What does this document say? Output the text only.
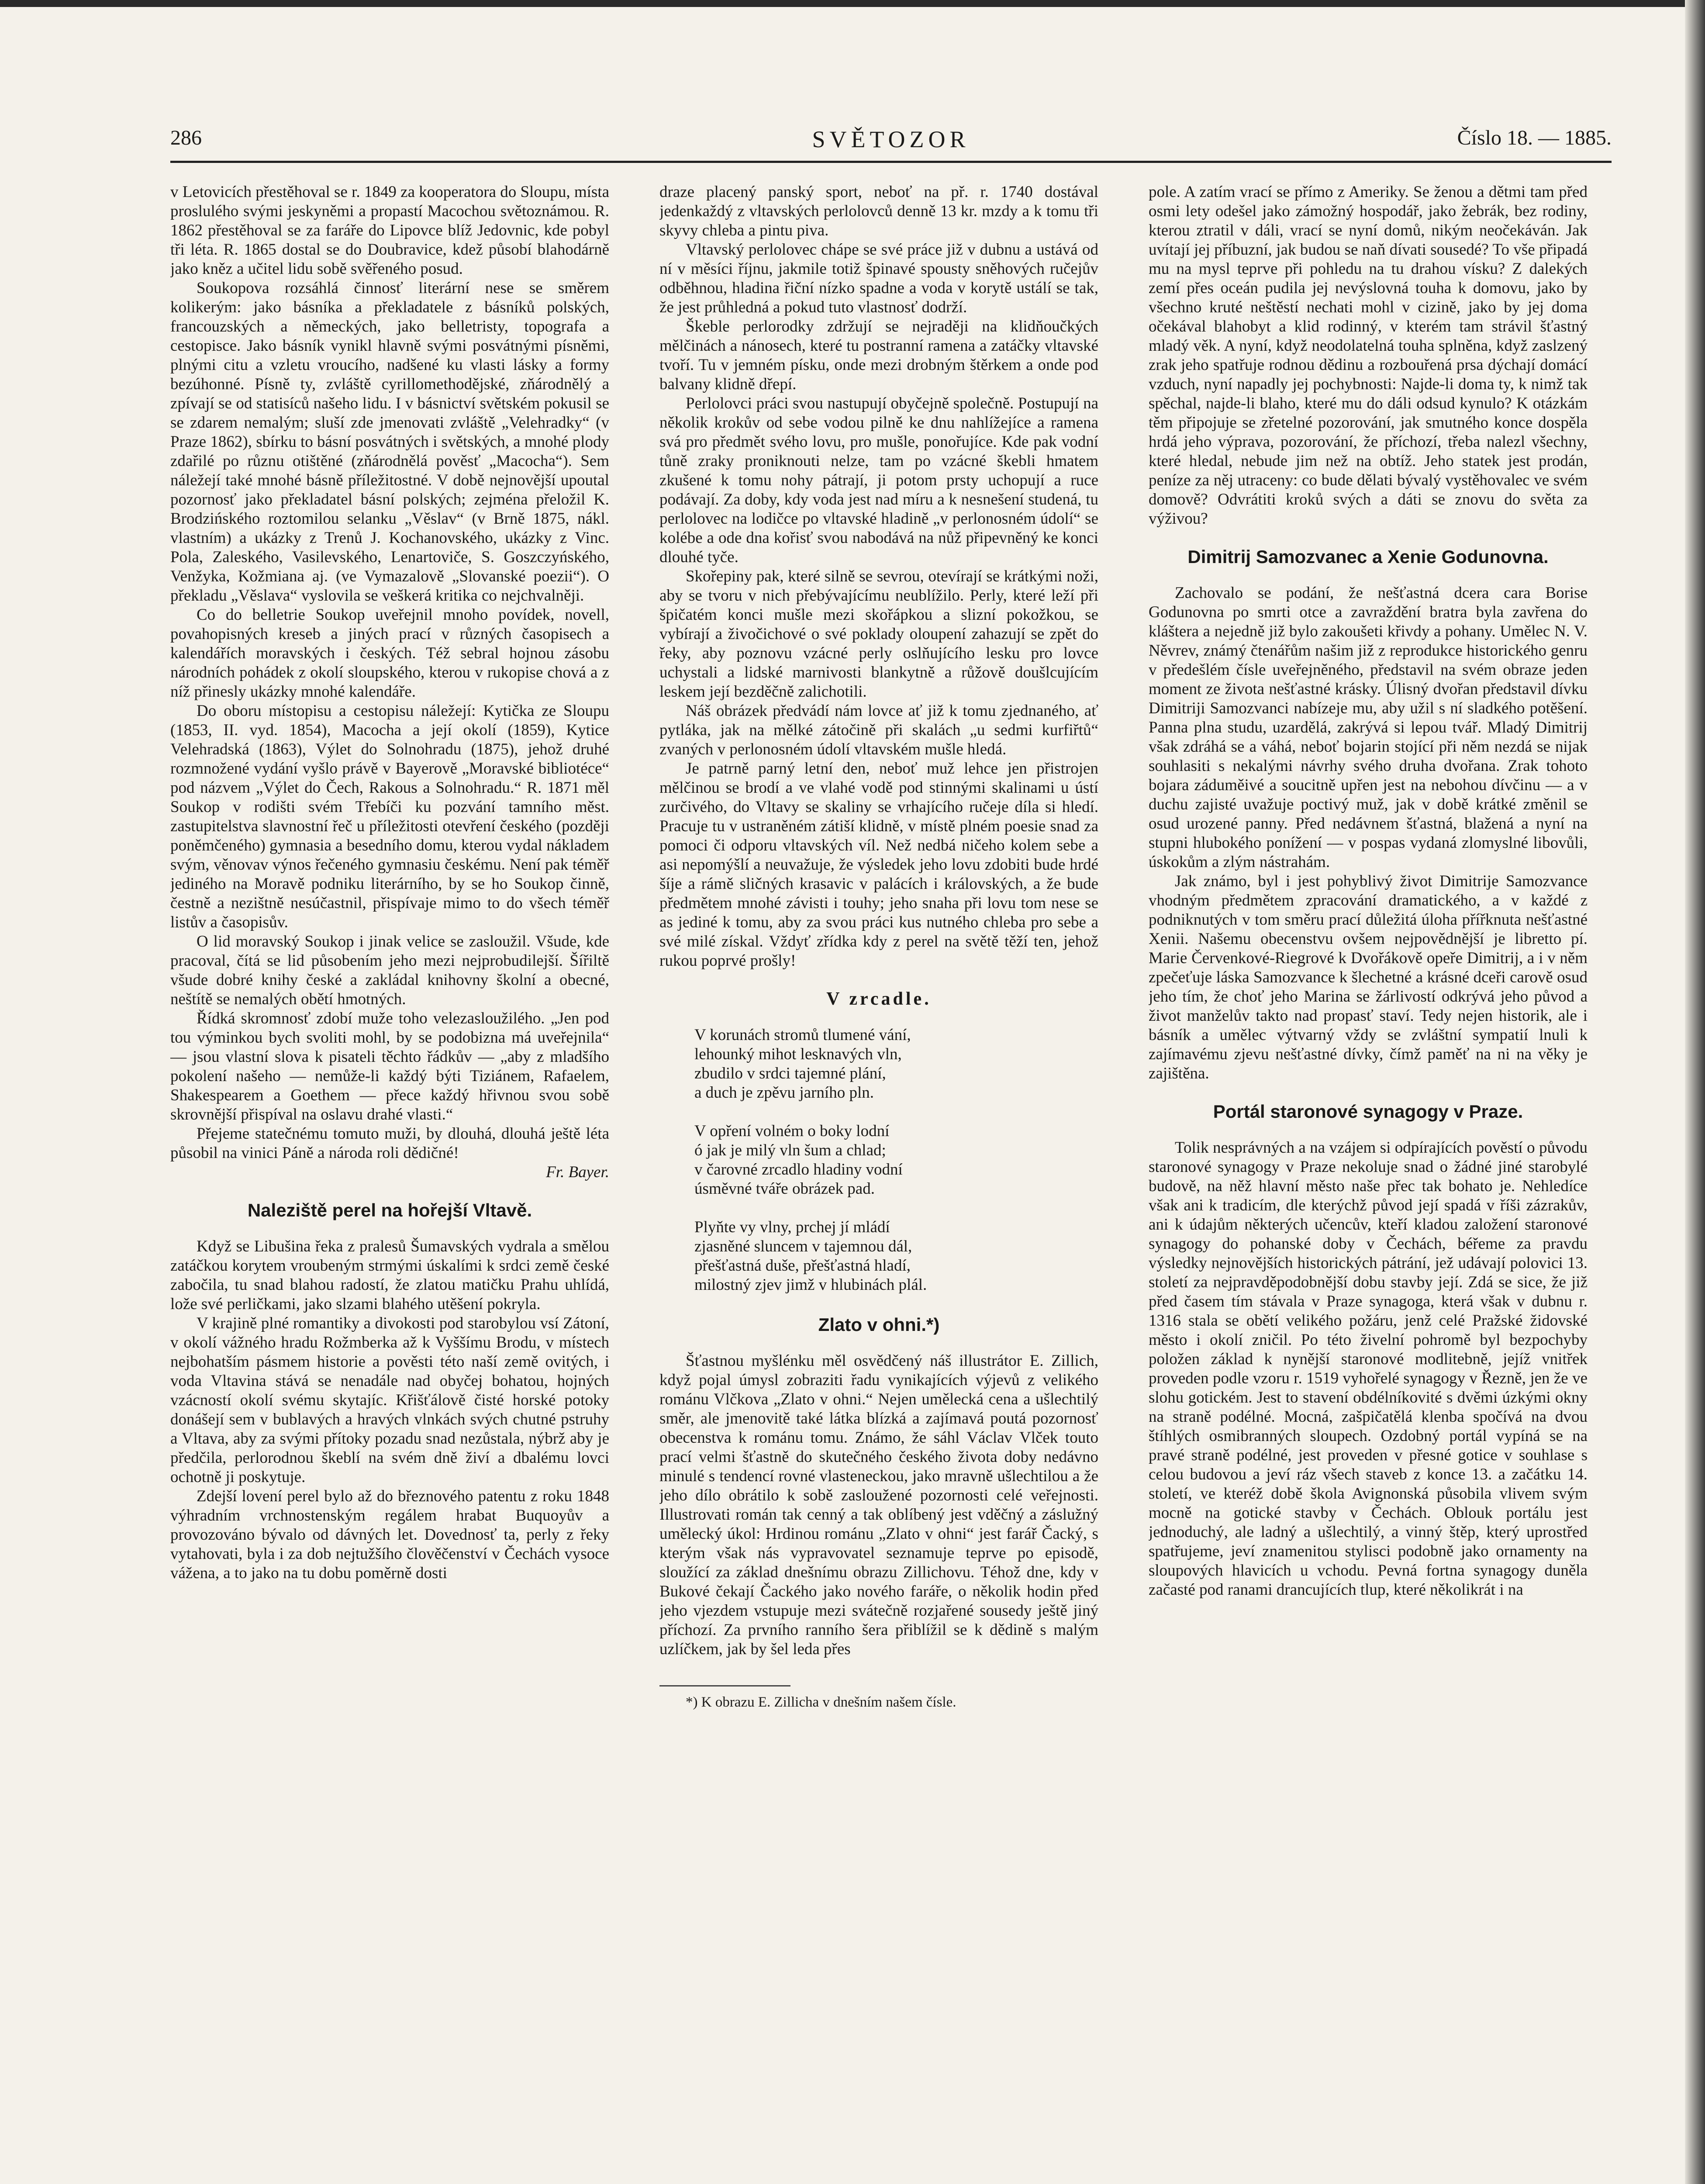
286	SVĚTOZOR	Číslo 18. — 1885.

v Letovicích přestěhoval se r. 1849 za kooperatora do Sloupu, místa proslulého svými jeskyněmi a propastí Macochou světoznámou. R. 1862 přestěhoval se za faráře do Lipovce blíž Jedovnic, kde pobyl tři léta. R. 1865 dostal se do Doubravice, kdež působí blahodárně jako kněz a učitel lidu sobě svěřeného posud.

Soukopova rozsáhlá činnosť literární nese se směrem kolikerým: jako básníka a překladatele z básníků polských, francouzských a německých, jako belletristy, topografa a cestopisce. Jako básník vynikl hlavně svými posvátnými písněmi, plnými citu a vzletu vroucího, nadšené ku vlasti lásky a formy bezúhonné. Písně ty, zvláště cyrillomethodějské, zňárodnělý a zpívají se od statisíců našeho lidu. I v básnictví světském pokusil se se zdarem nemalým; sluší zde jmenovati zvláště „Velehradky“ (v Praze 1862), sbírku to básní posvátných i světských, a mnohé plody zdařilé po různu otištěné (zňárodnělá pověsť „Macocha“). Sem náležejí také mnohé básně příležitostné. V době nejnovější upoutal pozornosť jako překladatel básní polských; zejména přeložil K. Brodzińského roztomilou selanku „Věslav“ (v Brně 1875, nákl. vlastním) a ukázky z Trenů J. Kochanovského, ukázky z Vinc. Pola, Zaleského, Vasilevského, Lenartoviče, S. Goszczyńského, Venžyka, Kožmiana aj. (ve Vymazalově „Slovanské poezii“). O překladu „Věslava“ vyslovila se veškerá kritika co nejchvalněji.

Co do belletrie Soukop uveřejnil mnoho povídek, novell, povahopisných kreseb a jiných prací v různých časopisech a kalendářích moravských i českých. Též sebral hojnou zásobu národních pohádek z okolí sloupského, kterou v rukopise chová a z níž přinesly ukázky mnohé kalendáře.

Do oboru místopisu a cestopisu náležejí: Kytička ze Sloupu (1853, II. vyd. 1854), Macocha a její okolí (1859), Kytice Velehradská (1863), Výlet do Solnohradu (1875), jehož druhé rozmnožené vydání vyšlo právě v Bayerově „Moravské bibliotéce“ pod názvem „Výlet do Čech, Rakous a Solnohradu.“ R. 1871 měl Soukop v rodišti svém Třebíči ku pozvání tamního měst. zastupitelstva slavnostní řeč u příležitosti otevření českého (později poněmčeného) gymnasia a besedního domu, kterou vydal nákladem svým, věnovav výnos řečeného gymnasiu českému. Není pak téměř jediného na Moravě podniku literárního, by se ho Soukop činně, čestně a nezištně nesúčastnil, přispívaje mimo to do všech téměř listův a časopisův.

O lid moravský Soukop i jinak velice se zasloužil. Všude, kde pracoval, čítá se lid působením jeho mezi nejprobudilejší. Šířiltě všude dobré knihy české a zakládal knihovny školní a obecné, neštítě se nemalých obětí hmotných.

Řídká skromnosť zdobí muže toho velezasloužilého. „Jen pod tou výminkou bych svoliti mohl, by se podobizna má uveřejnila“ — jsou vlastní slova k pisateli těchto řádkův — „aby z mladšího pokolení našeho — nemůže-li každý býti Tiziánem, Rafaelem, Shakespearem a Goethem — přece každý hřivnou svou sobě skrovnější přispíval na oslavu drahé vlasti.“

Přejeme statečnému tomuto muži, by dlouhá, dlouhá ještě léta působil na vinici Páně a národa roli dědičné!

Fr. Bayer.
Naleziště perel na hořejší Vltavě.

Když se Libušina řeka z pralesů Šumavských vydrala a smělou zatáčkou korytem vroubeným strmými úskalími k srdci země české zabočila, tu snad blahou radostí, že zlatou matičku Prahu uhlídá, lože své perličkami, jako slzami blahého utěšení pokryla.

V krajině plné romantiky a divokosti pod starobylou vsí Zátoní, v okolí vážného hradu Rožmberka až k Vyššímu Brodu, v místech nejbohatším pásmem historie a pověsti této naší země ovitých, i voda Vltavina stává se nenadále nad obyčej bohatou, hojných vzácností okolí svému skytajíc. Křišťálově čisté horské potoky donášejí sem v bublavých a hravých vlnkách svých chutné pstruhy a Vltava, aby za svými přítoky pozadu snad nezůstala, nýbrž aby je předčila, perlorodnou škeblí na svém dně živí a dbalému lovci ochotně ji poskytuje.

Zdejší lovení perel bylo až do březnového patentu z roku 1848 výhradním vrchnostenským regálem hrabat Buquoyův a provozováno bývalo od dávných let. Dovednosť ta, perly z řeky vytahovati, byla i za dob nejtužšího člověčenství v Čechách vysoce vážena, a to jako na tu dobu poměrně dosti

draze placený panský sport, neboť na př. r. 1740 dostával jedenkaždý z vltavských perlolovců denně 13 kr. mzdy a k tomu tři skyvy chleba a pintu piva.

Vltavský perlolovec chápe se své práce již v dubnu a ustává od ní v měsíci říjnu, jakmile totiž špinavé spousty sněhových ručejův odběhnou, hladina řiční nízko spadne a voda v korytě ustálí se tak, že jest průhledná a pokud tuto vlastnosť dodrží.

Škeble perlorodky zdržují se nejraději na klidňoučkých mělčinách a nánosech, které tu postranní ramena a zatáčky vltavské tvoří. Tu v jemném písku, onde mezi drobným štěrkem a onde pod balvany klidně dřepí.

Perlolovci práci svou nastupují obyčejně společně. Postupují na několik krokův od sebe vodou pilně ke dnu nahlížejíce a ramena svá pro předmět svého lovu, pro mušle, ponořujíce. Kde pak vodní tůně zraky proniknouti nelze, tam po vzácné škebli hmatem zkušené k tomu nohy pátrají, ji potom prsty uchopují a ruce podávají. Za doby, kdy voda jest nad míru a k nesnešení studená, tu perlolovec na lodičce po vltavské hladině „v perlonosném údolí“ se kolébe a ode dna kořisť svou nabodává na nůž připevněný ke konci dlouhé tyče.

Skořepiny pak, které silně se sevrou, otevírají se krátkými noži, aby se tvoru v nich přebývajícímu neublížilo. Perly, které leží při špičatém konci mušle mezi skořápkou a slizní pokožkou, se vybírají a živočichové o své poklady oloupení zahazují se zpět do řeky, aby poznovu vzácné perly oslňujícího lesku pro lovce uchystali a lidské marnivosti blankytně a růžově doušlcujícím leskem její bezděčně zalichotili.

Náš obrázek předvádí nám lovce ať již k tomu zjednaného, ať pytláka, jak na mělké zátočině při skalách „u sedmi kurfiřtů“ zvaných v perlonosném údolí vltavském mušle hledá.

Je patrně parný letní den, neboť muž lehce jen přistrojen mělčinou se brodí a ve vlahé vodě pod stinnými skalinami u ústí zurčivého, do Vltavy se skaliny se vrhajícího ručeje díla si hledí. Pracuje tu v ustraněném zátiší klidně, v místě plném poesie snad za pomoci či odporu vltavských víl. Než nedbá ničeho kolem sebe a asi nepomýšlí a neuvažuje, že výsledek jeho lovu zdobiti bude hrdé šíje a rámě sličných krasavic v palácích i královských, a že bude předmětem mnohé závisti i touhy; jeho snaha při lovu tom nese se as jediné k tomu, aby za svou práci kus nutného chleba pro sebe a své milé získal. Vždyť zřídka kdy z perel na světě těží ten, jehož rukou poprvé prošly!

V zrcadle.
V korunách stromů tlumené vání,
lehounký mihot lesknavých vln,
zbudilo v srdci tajemné plání,
a duch je zpěvu jarního pln.
V opření volném o boky lodní
ó jak je milý vln šum a chlad;
v čarovné zrcadlo hladiny vodní
úsměvné tváře obrázek pad.
Plyňte vy vlny, prchej jí mládí
zjasněné sluncem v tajemnou dál,
přešťastná duše, přešťastná hladí,
milostný zjev jimž v hlubinách plál.
Zlato v ohni.*)

Šťastnou myšlénku měl osvědčený náš illustrátor E. Zillich, když pojal úmysl zobraziti řadu vynikajících výjevů z velikého románu Vlčkova „Zlato v ohni.“ Nejen umělecká cena a ušlechtilý směr, ale jmenovitě také látka blízká a zajímavá poutá pozornosť obecenstva k románu tomu. Známo, že sáhl Václav Vlček touto prací velmi šťastně do skutečného českého života doby nedávno minulé s tendencí rovné vlasteneckou, jako mravně ušlechtilou a že jeho dílo obrátilo k sobě zasloužené pozornosti celé veřejnosti. Illustrovati román tak cenný a tak oblíbený jest vděčný a záslužný umělecký úkol: Hrdinou románu „Zlato v ohni“ jest farář Čacký, s kterým však nás vypravovatel seznamuje teprve po episodě, sloužící za základ dnešnímu obrazu Zillichovu. Téhož dne, kdy v Bukové čekají Čackého jako nového faráře, o několik hodin před jeho vjezdem vstupuje mezi svátečně rozjařené sousedy ještě jiný příchozí. Za prvního ranního šera přiblížil se k dědině s malým uzlíčkem, jak by šel leda přes

*) K obrazu E. Zillicha v dnešním našem čísle.

pole. A zatím vrací se přímo z Ameriky. Se ženou a dětmi tam před osmi lety odešel jako zámožný hospodář, jako žebrák, bez rodiny, kterou ztratil v dáli, vrací se nyní domů, nikým neočekáván. Jak uvítají jej příbuzní, jak budou se naň dívati sousedé? To vše připadá mu na mysl teprve při pohledu na tu drahou vísku? Z dalekých zemí přes oceán pudila jej nevýslovná touha k domovu, jako by všechno kruté neštěstí nechati mohl v cizině, jako by jej doma očekával blahobyt a klid rodinný, v kterém tam strávil šťastný mladý věk. A nyní, když neodolatelná touha splněna, když zaslzený zrak jeho spatřuje rodnou dědinu a rozbouřená prsa dýchají domácí vzduch, nyní napadly jej pochybnosti: Najde-li doma ty, k nimž tak spěchal, najde-li blaho, které mu do dáli odsud kynulo? K otázkám těm připojuje se zřetelné pozorování, jak smutného konce dospěla hrdá jeho výprava, pozorování, že příchozí, třeba nalezl všechny, které hledal, nebude jim než na obtíž. Jeho statek jest prodán, peníze za něj utraceny: co bude dělati bývalý vystěhovalec ve svém domově? Odvrátiti kroků svých a dáti se znovu do světa za výživou?

Dimitrij Samozvanec a Xenie Godunovna.

Zachovalo se podání, že nešťastná dcera cara Borise Godunovna po smrti otce a zavraždění bratra byla zavřena do kláštera a nejedně již bylo zakoušeti křivdy a pohany. Umělec N. V. Něvrev, známý čtenářům našim již z reprodukce historického genru v předešlém čísle uveřejněného, představil na svém obraze jeden moment ze života nešťastné krásky. Úlisný dvořan představil dívku Dimitriji Samozvanci nabízeje mu, aby užil s ní sladkého potěšení. Panna plna studu, uzardělá, zakrývá si lepou tvář. Mladý Dimitrij však zdráhá se a váhá, neboť bojarin stojící při něm nezdá se nijak souhlasiti s nekalými návrhy svého druha dvořana. Zrak tohoto bojara záduměivé a soucitně upřen jest na nebohou dívčinu — a v duchu zajisté uvažuje poctivý muž, jak v době krátké změnil se osud urozené panny. Před nedávnem šťastná, blažená a nyní na stupni hlubokého ponížení — v pospas vydaná zlomyslné libovůli, úskokům a zlým nástrahám.

Jak známo, byl i jest pohyblivý život Dimitrije Samozvance vhodným předmětem zpracování dramatického, a v každé z podniknutých v tom směru prací důležitá úloha přířknuta nešťastné Xenii. Našemu obecenstvu ovšem nejpovědnější je libretto pí. Marie Červenkové-Riegrové k Dvořákově opeře Dimitrij, a i v něm zpečeťuje láska Samozvance k šlechetné a krásné dceři carově osud jeho tím, že choť jeho Marina se žárlivostí odkrývá jeho původ a život manželův takto nad propasť staví. Tedy nejen historik, ale i básník a umělec výtvarný vždy se zvláštní sympatií lnuli k zajímavému zjevu nešťastné dívky, čímž paměť na ni na věky je zajištěna.

Portál staronové synagogy v Praze.

Tolik nesprávných a na vzájem si odpírajících pověstí o původu staronové synagogy v Praze nekoluje snad o žádné jiné starobylé budově, na něž hlavní město naše přec tak bohato je. Nehledíce však ani k tradicím, dle kterýchž původ její spadá v říši zázrakův, ani k údajům některých učencův, kteří kladou založení staronové synagogy do pohanské doby v Čechách, béřeme za pravdu výsledky nejnovějších historických pátrání, jež udávají polovici 13. století za nejpravděpodobnější dobu stavby její. Zdá se sice, že již před časem tím stávala v Praze synagoga, která však v dubnu r. 1316 stala se obětí velikého požáru, jenž celé Pražské židovské město i okolí zničil. Po této živelní pohromě byl bezpochyby položen základ k nynější staronové modlitebně, jejíž vnitřek proveden podle vzoru r. 1519 vyhořelé synagogy v Řezně, jen že ve slohu gotickém. Jest to stavení obdélníkovité s dvěmi úzkými okny na straně podélné. Mocná, zašpičatělá klenba spočívá na dvou štíhlých osmibranných sloupech. Ozdobný portál vypíná se na pravé straně podélné, jest proveden v přesné gotice v souhlase s celou budovou a jeví ráz všech staveb z konce 13. a začátku 14. století, ve kteréž době škola Avignonská působila vlivem svým mocně na gotické stavby v Čechách. Oblouk portálu jest jednoduchý, ale ladný a ušlechtilý, a vinný štěp, který uprostřed spatřujeme, jeví znamenitou stylisci podobně jako ornamenty na sloupových hlavicích u vchodu. Pevná fortna synagogy duněla začasté pod ranami drancujících tlup, které několikrát i na
